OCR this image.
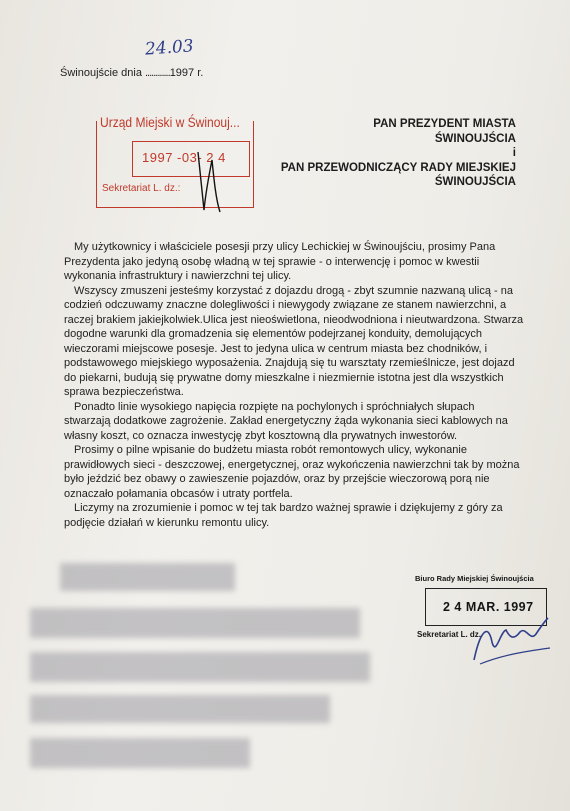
Świnoujście dnia ............1997 r.
24.03
Urząd Miejski w Świnouj...
1997 -03- 2 4
Sekretariat L. dz.:
PAN PREZYDENT MIASTA
ŚWINOUJŚCIA
i
PAN PRZEWODNICZĄCY RADY MIEJSKIEJ
ŚWINOUJŚCIA

My użytkownicy i właściciele posesji przy ulicy Lechickiej w Świnoujściu, prosimy Pana Prezydenta jako jedyną osobę władną w tej sprawie - o interwencję i pomoc w kwestii wykonania infrastruktury i nawierzchni tej ulicy.

Wszyscy zmuszeni jesteśmy korzystać z dojazdu drogą - zbyt szumnie nazwaną ulicą - na codzień odczuwamy znaczne dolegliwości i niewygody związane ze stanem nawierzchni, a raczej brakiem jakiejkolwiek.Ulica jest nieoświetlona, nieodwodniona i nieutwardzona. Stwarza dogodne warunki dla gromadzenia się elementów podejrzanej konduity, demolujących wieczorami miejscowe posesje. Jest to jedyna ulica w centrum miasta bez chodników, i podstawowego miejskiego wyposażenia. Znajdują się tu warsztaty rzemieślnicze, jest dojazd do piekarni, budują się prywatne domy mieszkalne i niezmiernie istotna jest dla wszystkich sprawa bezpieczeństwa.

Ponadto linie wysokiego napięcia rozpięte na pochylonych i spróchniałych słupach stwarzają dodatkowe zagrożenie. Zakład energetyczny żąda wykonania sieci kablowych na własny koszt, co oznacza inwestycję zbyt kosztowną dla prywatnych inwestorów.

Prosimy o pilne wpisanie do budżetu miasta robót remontowych ulicy, wykonanie prawidłowych sieci - deszczowej, energetycznej, oraz wykończenia nawierzchni tak by można było jeździć bez obawy o zawieszenie pojazdów, oraz by przejście wieczorową porą nie oznaczało połamania obcasów i utraty portfela.

Liczymy na zrozumienie i pomoc w tej tak bardzo ważnej sprawie i dziękujemy z góry za podjęcie działań w kierunku remontu ulicy.

Biuro Rady Miejskiej Świnoujścia
2 4 MAR. 1997
Sekretariat L. dz.
